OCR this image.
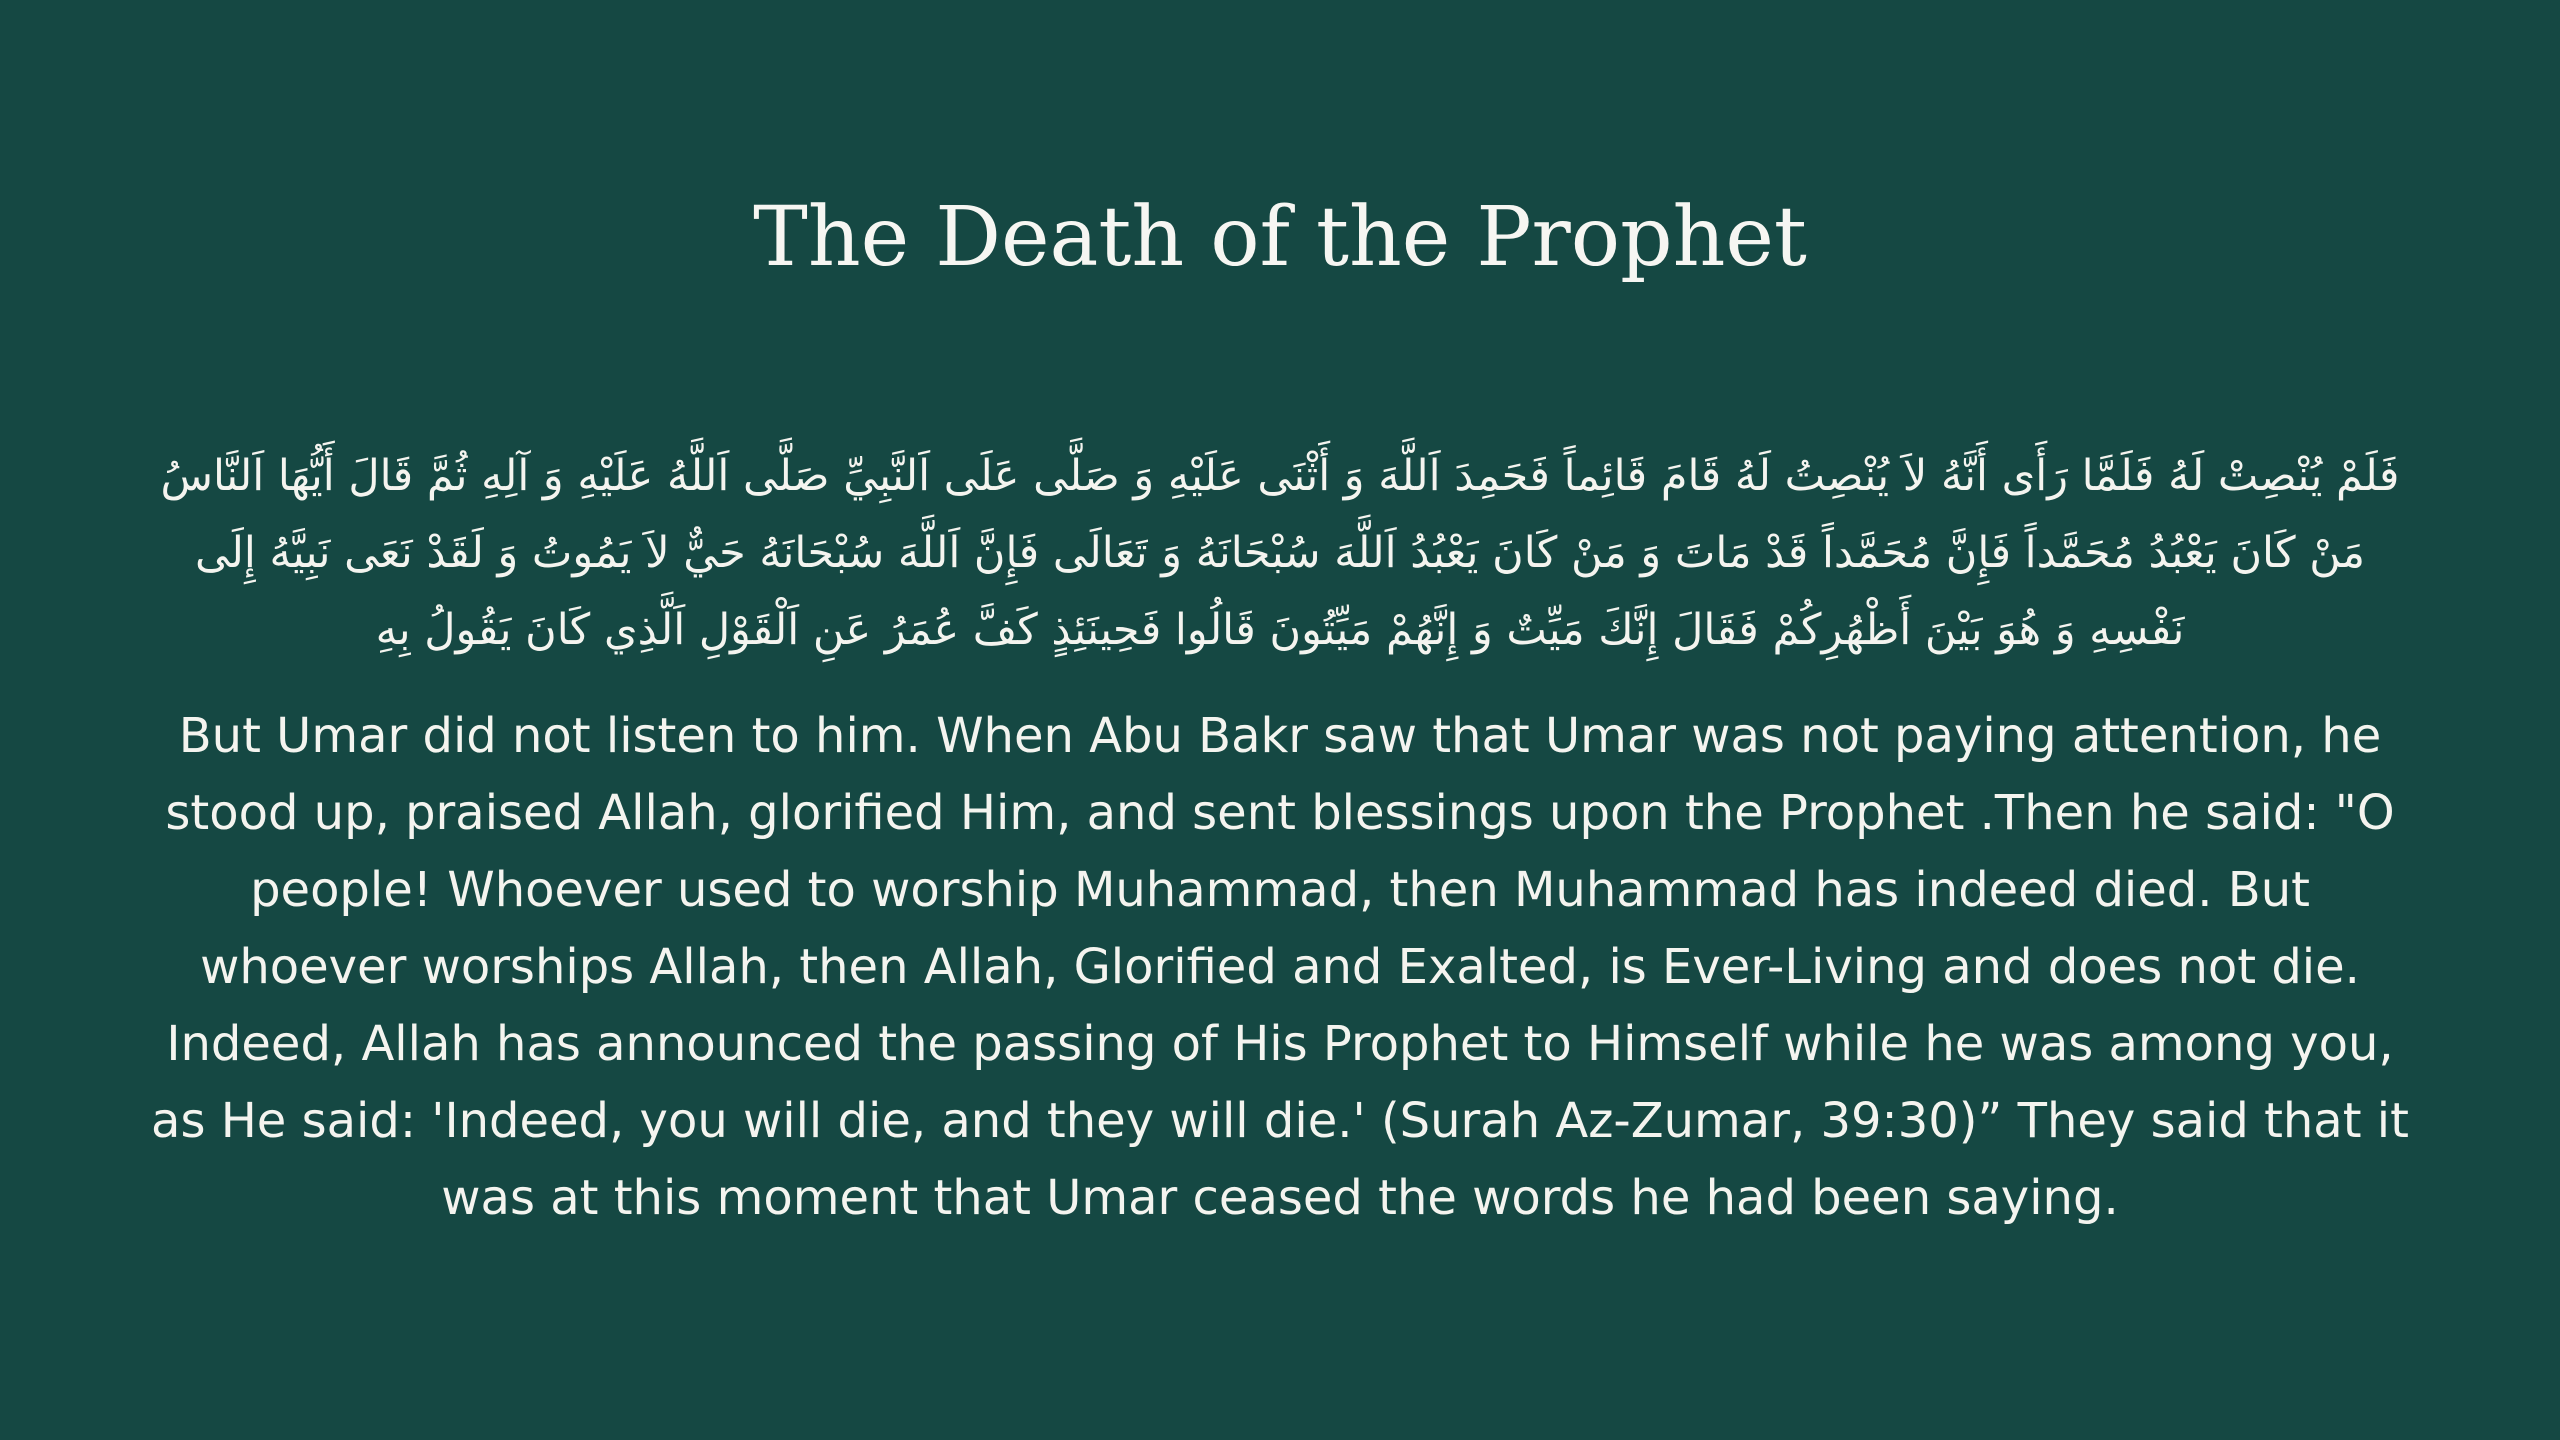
The Death of the Prophet

فَلَمْ يُنْصِتْ لَهُ فَلَمَّا رَأَى أَنَّهُ لاَ يُنْصِتُ لَهُ قَامَ قَائِماً فَحَمِدَ اَللَّهَ وَ أَثْنَى عَلَيْهِ وَ صَلَّى عَلَى اَلنَّبِيِّ صَلَّى اَللَّهُ عَلَيْهِ وَ آلِهِ ثُمَّ قَالَ أَيُّهَا اَلنَّاسُ مَنْ كَانَ يَعْبُدُ مُحَمَّداً فَإِنَّ مُحَمَّداً قَدْ مَاتَ وَ مَنْ كَانَ يَعْبُدُ اَللَّهَ سُبْحَانَهُ وَ تَعَالَى فَإِنَّ اَللَّهَ سُبْحَانَهُ حَيٌّ لاَ يَمُوتُ وَ لَقَدْ نَعَى نَبِيَّهُ إِلَى نَفْسِهِ وَ هُوَ بَيْنَ أَظْهُرِكُمْ فَقَالَ إِنَّكَ مَيِّتٌ وَ إِنَّهُمْ مَيِّتُونَ قَالُوا فَحِينَئِذٍ كَفَّ عُمَرُ عَنِ اَلْقَوْلِ اَلَّذِي كَانَ يَقُولُ بِهِ

But Umar did not listen to him. When Abu Bakr saw that Umar was not paying attention, he stood up, praised Allah, glorified Him, and sent blessings upon the Prophet .Then he said: "O people! Whoever used to worship Muhammad, then Muhammad has indeed died. But whoever worships Allah, then Allah, Glorified and Exalted, is Ever-Living and does not die. Indeed, Allah has announced the passing of His Prophet to Himself while he was among you, as He said: 'Indeed, you will die, and they will die.' (Surah Az-Zumar, 39:30)” They said that it was at this moment that Umar ceased the words he had been saying.
